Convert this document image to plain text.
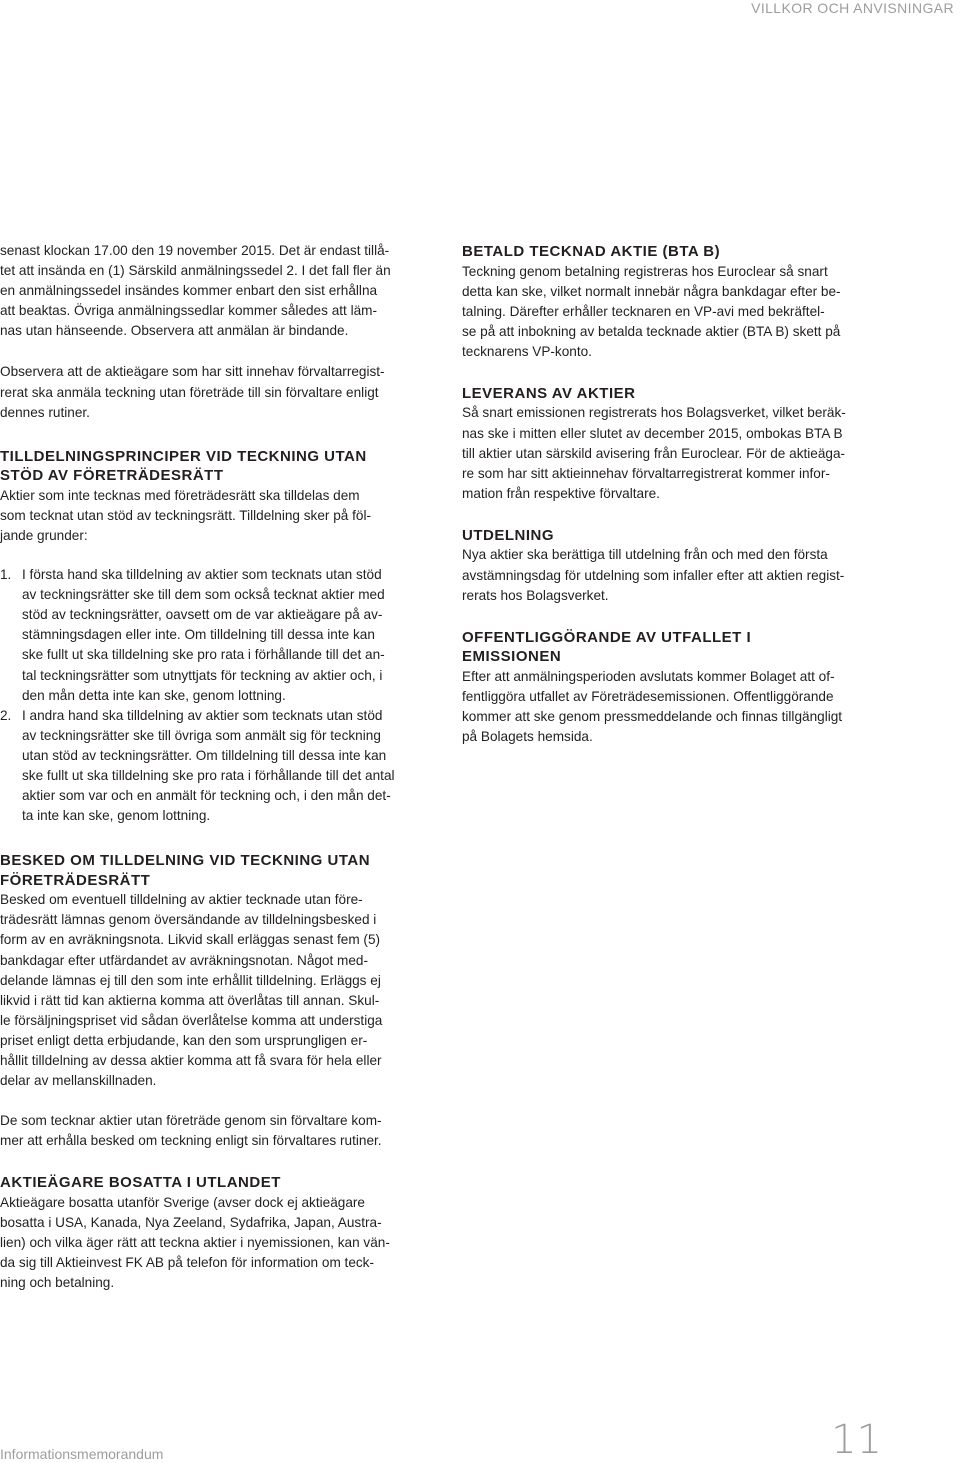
VILLKOR OCH ANVISNINGAR

senast klockan 17.00 den 19 november 2015. Det är endast tillå-
tet att insända en (1) Särskild anmälningssedel 2. I det fall fler än
en anmälningssedel insändes kommer enbart den sist erhållna
att beaktas. Övriga anmälningssedlar kommer således att läm-
nas utan hänseende. Observera att anmälan är bindande.

Observera att de aktieägare som har sitt innehav förvaltarregist-
rerat ska anmäla teckning utan företräde till sin förvaltare enligt
dennes rutiner.

TILLDELNINGSPRINCIPER VID TECKNING UTAN
STÖD AV FÖRETRÄDESRÄTT

Aktier som inte tecknas med företrädesrätt ska tilldelas dem
som tecknat utan stöd av teckningsrätt. Tilldelning sker på föl-
jande grunder:

1. I första hand ska tilldelning av aktier som tecknats utan stöd
av teckningsrätter ske till dem som också tecknat aktier med
stöd av teckningsrätter, oavsett om de var aktieägare på av-
stämningsdagen eller inte. Om tilldelning till dessa inte kan
ske fullt ut ska tilldelning ske pro rata i förhållande till det an-
tal teckningsrätter som utnyttjats för teckning av aktier och, i
den mån detta inte kan ske, genom lottning.
2. I andra hand ska tilldelning av aktier som tecknats utan stöd
av teckningsrätter ske till övriga som anmält sig för teckning
utan stöd av teckningsrätter. Om tilldelning till dessa inte kan
ske fullt ut ska tilldelning ske pro rata i förhållande till det antal
aktier som var och en anmält för teckning och, i den mån det-
ta inte kan ske, genom lottning.
BESKED OM TILLDELNING VID TECKNING UTAN
FÖRETRÄDESRÄTT

Besked om eventuell tilldelning av aktier tecknade utan före-
trädesrätt lämnas genom översändande av tilldelningsbesked i
form av en avräkningsnota. Likvid skall erläggas senast fem (5)
bankdagar efter utfärdandet av avräkningsnotan. Något med-
delande lämnas ej till den som inte erhållit tilldelning. Erläggs ej
likvid i rätt tid kan aktierna komma att överlåtas till annan. Skul-
le försäljningspriset vid sådan överlåtelse komma att understiga
priset enligt detta erbjudande, kan den som ursprungligen er-
hållit tilldelning av dessa aktier komma att få svara för hela eller
delar av mellanskillnaden.

De som tecknar aktier utan företräde genom sin förvaltare kom-
mer att erhålla besked om teckning enligt sin förvaltares rutiner.

AKTIEÄGARE BOSATTA I UTLANDET

Aktieägare bosatta utanför Sverige (avser dock ej aktieägare
bosatta i USA, Kanada, Nya Zeeland, Sydafrika, Japan, Austra-
lien) och vilka äger rätt att teckna aktier i nyemissionen, kan vän-
da sig till Aktieinvest FK AB på telefon för information om teck-
ning och betalning.

BETALD TECKNAD AKTIE (BTA B)

Teckning genom betalning registreras hos Euroclear så snart
detta kan ske, vilket normalt innebär några bankdagar efter be-
talning. Därefter erhåller tecknaren en VP-avi med bekräftel-
se på att inbokning av betalda tecknade aktier (BTA B) skett på
tecknarens VP-konto.

LEVERANS AV AKTIER

Så snart emissionen registrerats hos Bolagsverket, vilket beräk-
nas ske i mitten eller slutet av december 2015, ombokas BTA B
till aktier utan särskild avisering från Euroclear. För de aktieäga-
re som har sitt aktieinnehav förvaltarregistrerat kommer infor-
mation från respektive förvaltare.

UTDELNING

Nya aktier ska berättiga till utdelning från och med den första
avstämningsdag för utdelning som infaller efter att aktien regist-
rerats hos Bolagsverket.

OFFENTLIGGÖRANDE AV UTFALLET I
EMISSIONEN

Efter att anmälningsperioden avslutats kommer Bolaget att of-
fentliggöra utfallet av Företrädesemissionen. Offentliggörande
kommer att ske genom pressmeddelande och finnas tillgängligt
på Bolagets hemsida.

Informationsmemorandum	11
